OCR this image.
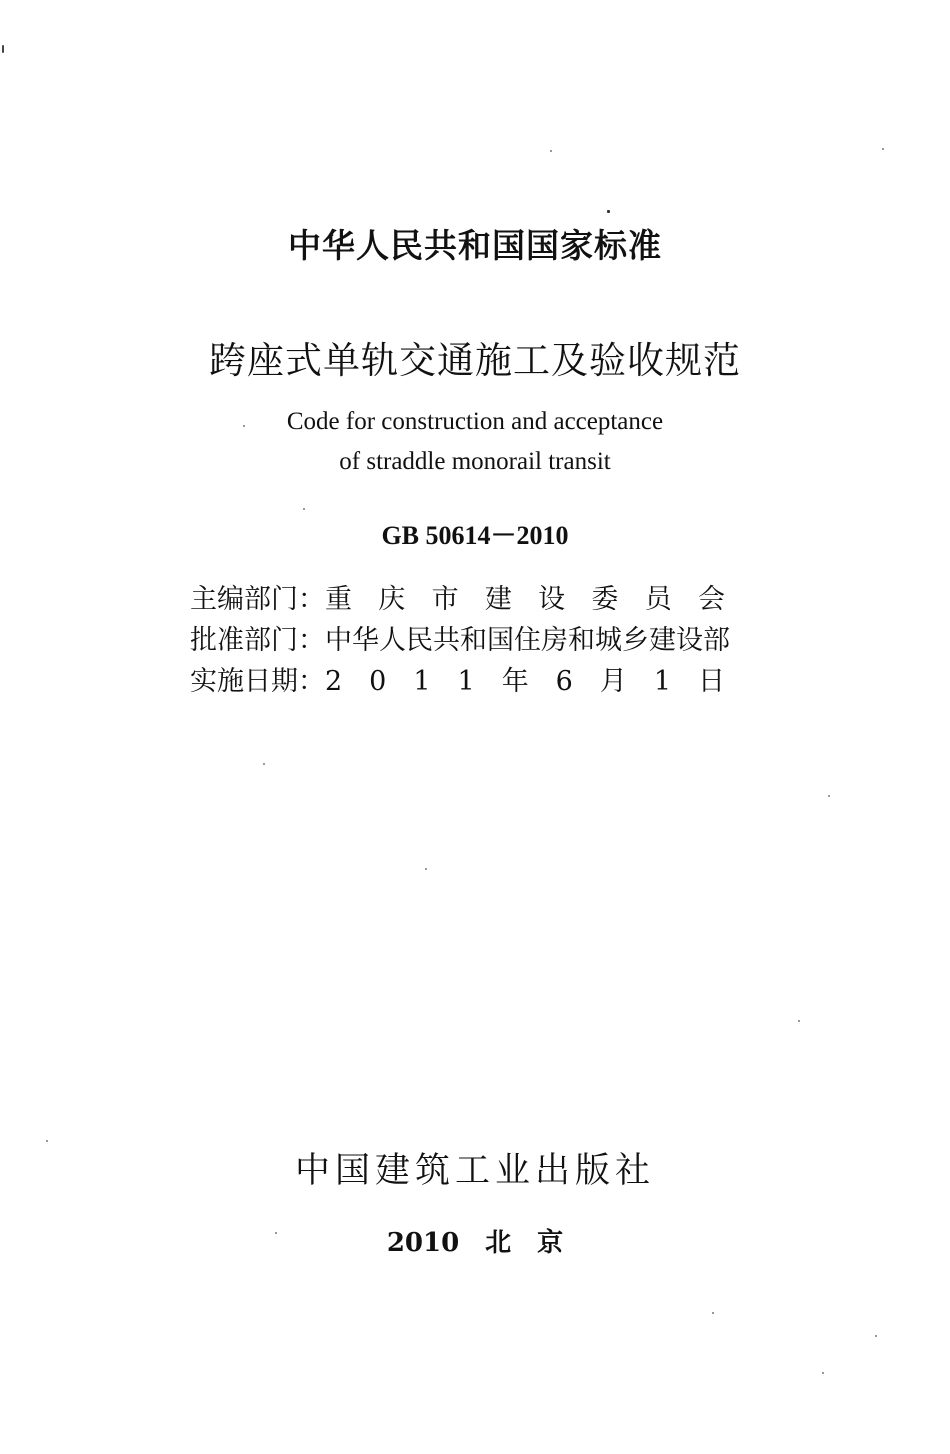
中华人民共和国国家标准
跨座式单轨交通施工及验收规范
Code for construction and acceptance
of straddle monorail transit
GB 50614－2010
主编部门： 重 庆 市 建 设 委 员 会
批准部门： 中华人民共和国住房和城乡建设部
实施日期： 2 0 1 1 年 6 月 1 日
中国建筑工业出版社
2010　北　京
